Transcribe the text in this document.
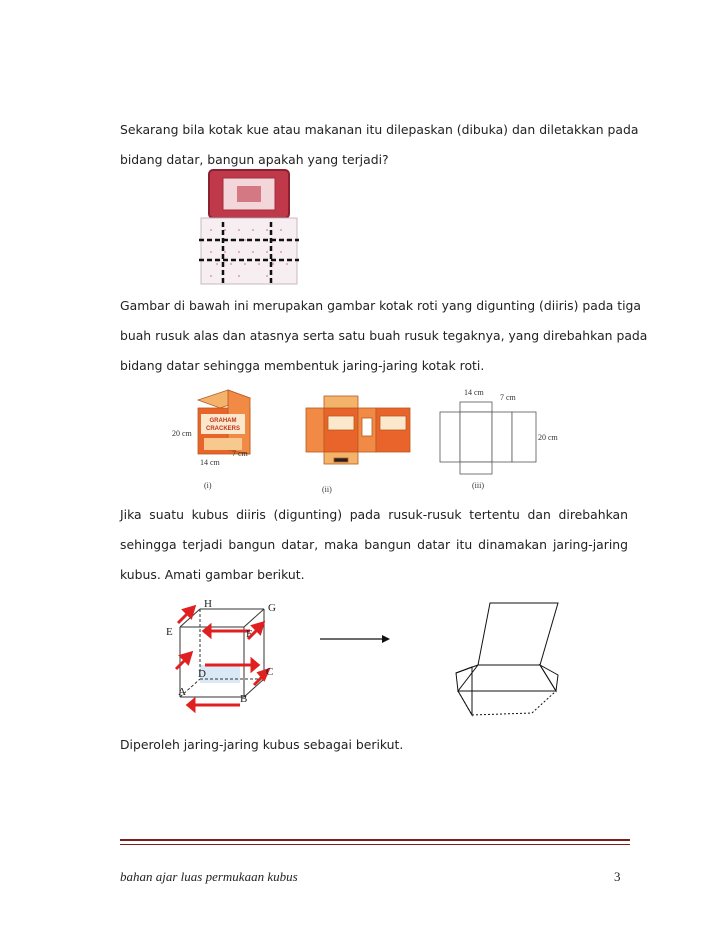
Sekarang bila kotak kue atau makanan itu dilepaskan (dibuka) dan diletakkan pada
bidang datar, bangun apakah yang terjadi?
Gambar di bawah ini merupakan gambar kotak roti yang digunting (diiris) pada tiga
buah rusuk alas dan atasnya serta satu buah rusuk tegaknya, yang direbahkan pada
bidang datar sehingga membentuk jaring-jaring kotak roti.
GRAHAM
CRACKERS
20 cm
7 cm
14 cm
(i)	(ii)
14 cm
7 cm
20 cm
(iii)
Jika suatu kubus diiris (digunting) pada rusuk-rusuk tertentu dan direbahkan
sehingga terjadi bangun datar, maka bangun datar itu dinamakan jaring-jaring
kubus. Amati gambar berikut.
H	G
E	F
D	C
A
B
Diperoleh jaring-jaring kubus sebagai berikut.
bahan ajar luas permukaan kubus	3
